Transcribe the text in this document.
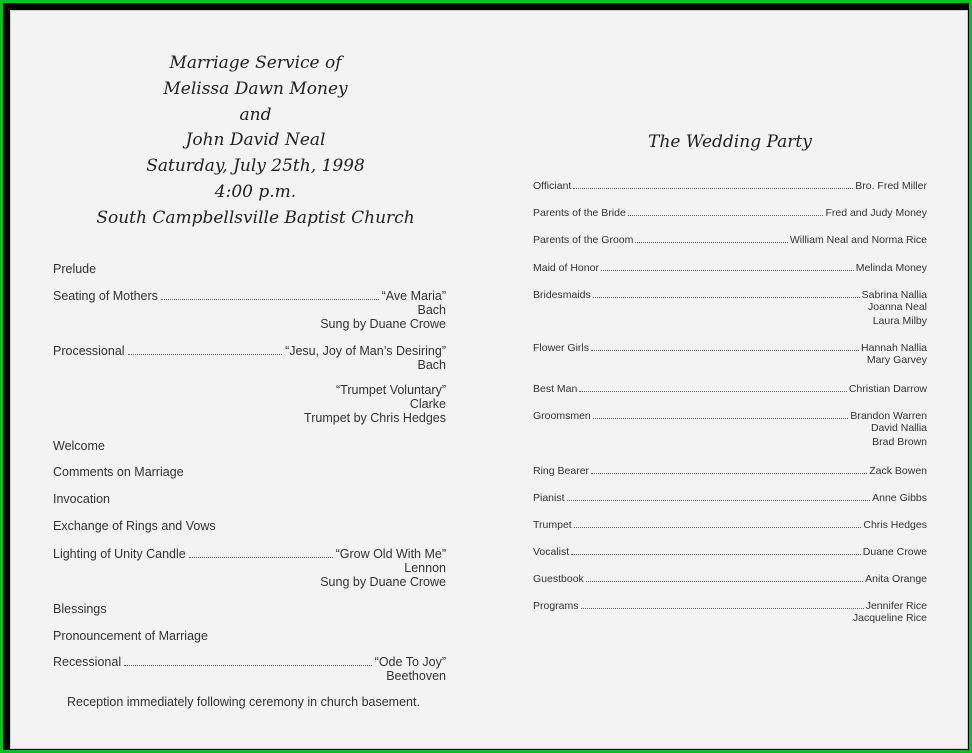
Marriage Service of
Melissa Dawn Money
and
John David Neal
Saturday, July 25th, 1998
4:00 p.m.
South Campbellsville Baptist Church
Prelude
Seating of Mothers	“Ave Maria”
Bach
Sung by Duane Crowe
Processional	“Jesu, Joy of Man’s Desiring”
Bach
“Trumpet Voluntary”
Clarke
Trumpet by Chris Hedges
Welcome
Comments on Marriage
Invocation
Exchange of Rings and Vows
Lighting of Unity Candle	“Grow Old With Me”
Lennon
Sung by Duane Crowe
Blessings
Pronouncement of Marriage
Recessional	“Ode To Joy”
Beethoven
Reception immediately following ceremony in church basement.
The Wedding Party
Officiant	Bro. Fred Miller
Parents of the Bride	Fred and Judy Money
Parents of the Groom	William Neal and Norma Rice
Maid of Honor	Melinda Money
Bridesmaids	Sabrina Nallia
Joanna Neal
Laura Milby
Flower Girls	Hannah Nallia
Mary Garvey
Best Man	Christian Darrow
Groomsmen	Brandon Warren
David Nallia
Brad Brown
Ring Bearer	Zack Bowen
Pianist	Anne Gibbs
Trumpet	Chris Hedges
Vocalist	Duane Crowe
Guestbook	Anita Orange
Programs	Jennifer Rice
Jacqueline Rice
